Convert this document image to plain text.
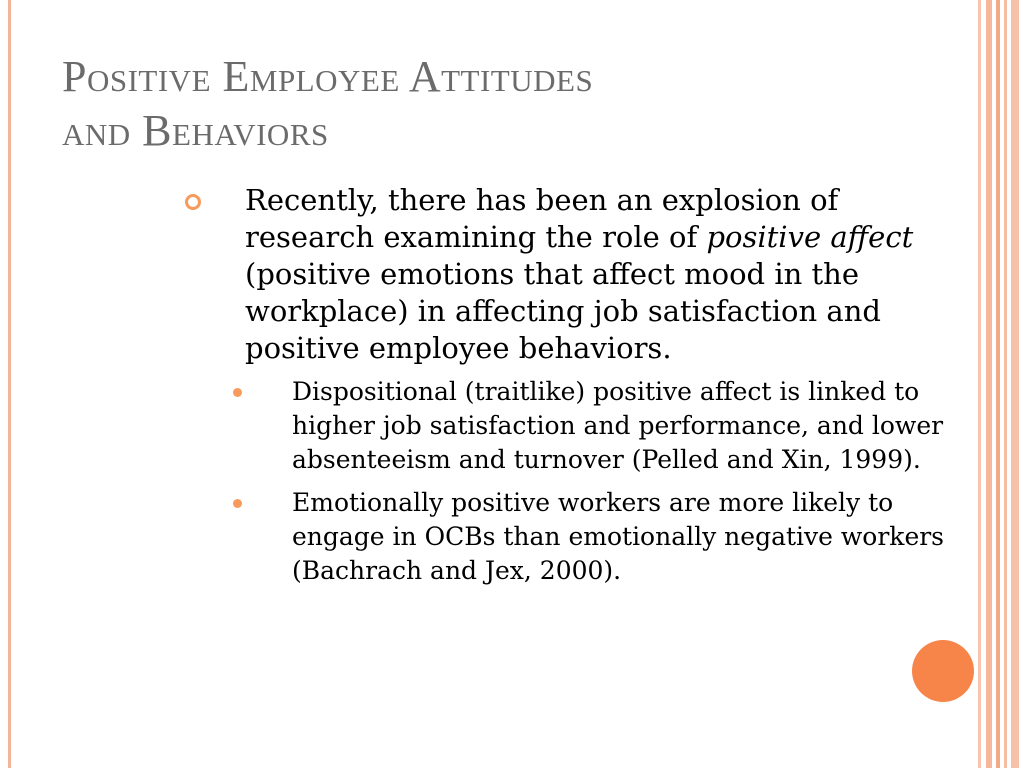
Positive Employee Attitudes
and Behaviors

Recently, there has been an explosion of research examining the role of positive affect (positive emotions that affect mood in the workplace) in affecting job satisfaction and positive employee behaviors.

Dispositional (traitlike) positive affect is linked to higher job satisfaction and performance, and lower absenteeism and turnover (Pelled and Xin, 1999).

Emotionally positive workers are more likely to engage in OCBs than emotionally negative workers (Bachrach and Jex, 2000).
